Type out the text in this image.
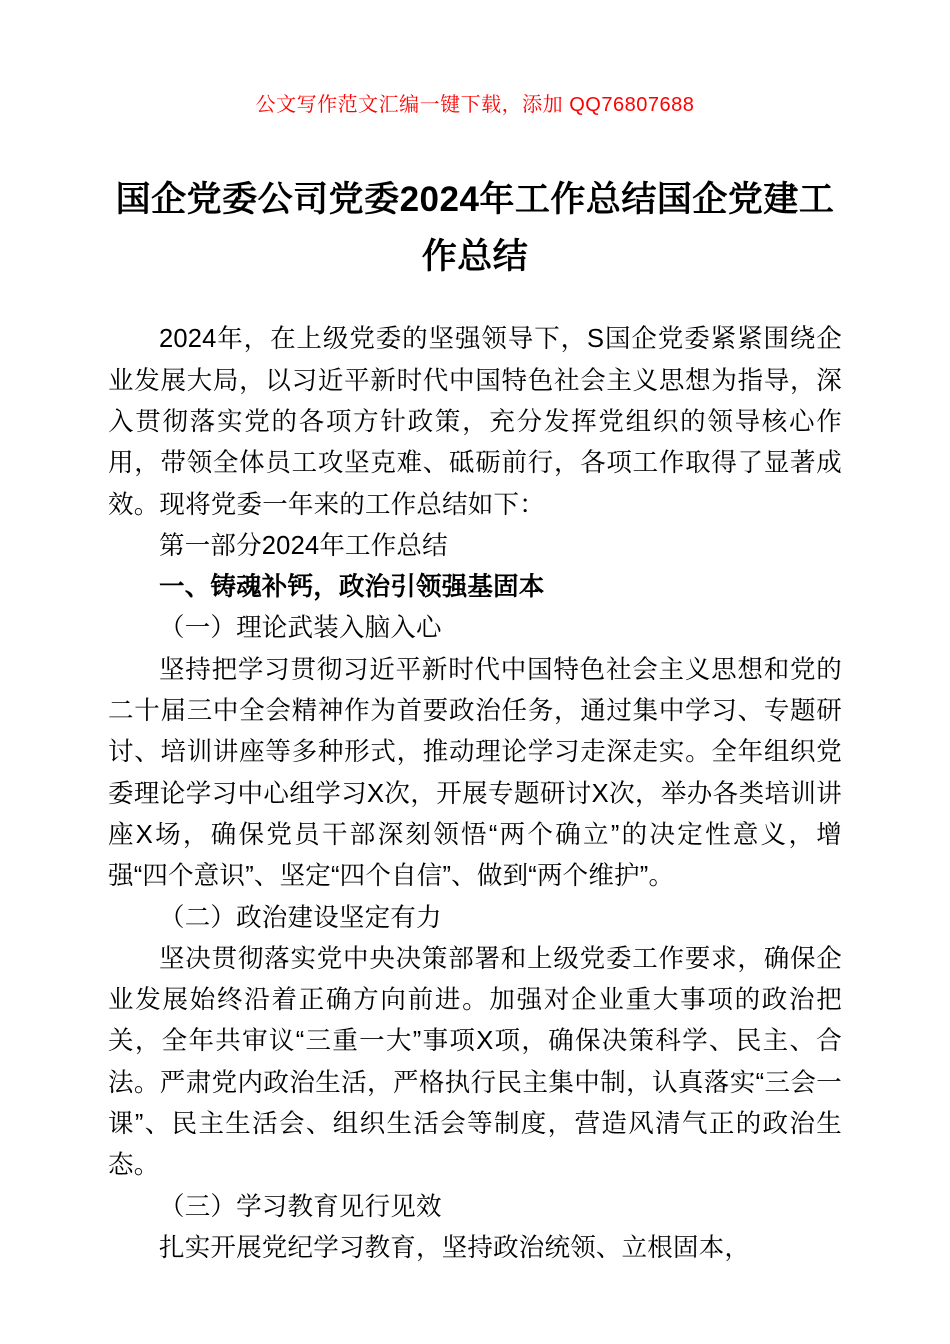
公文写作范文汇编一键下载，添加 QQ76807688
国企党委公司党委2024年工作总结国企党建工作总结

2024年，在上级党委的坚强领导下，S国企党委紧紧围绕企业发展大局，以习近平新时代中国特色社会主义思想为指导，深入贯彻落实党的各项方针政策，充分发挥党组织的领导核心作用，带领全体员工攻坚克难、砥砺前行，各项工作取得了显著成效。现将党委一年来的工作总结如下：

第一部分2024年工作总结

一、铸魂补钙，政治引领强基固本

（一）理论武装入脑入心

坚持把学习贯彻习近平新时代中国特色社会主义思想和党的二十届三中全会精神作为首要政治任务，通过集中学习、专题研讨、培训讲座等多种形式，推动理论学习走深走实。全年组织党委理论学习中心组学习X次，开展专题研讨X次，举办各类培训讲座X场，确保党员干部深刻领悟“两个确立”的决定性意义，增强“四个意识”、坚定“四个自信”、做到“两个维护”。

（二）政治建设坚定有力

坚决贯彻落实党中央决策部署和上级党委工作要求，确保企业发展始终沿着正确方向前进。加强对企业重大事项的政治把关，全年共审议“三重一大”事项X项，确保决策科学、民主、合法。严肃党内政治生活，严格执行民主集中制，认真落实“三会一课”、民主生活会、组织生活会等制度，营造风清气正的政治生态。

（三）学习教育见行见效

扎实开展党纪学习教育，坚持政治统领、立根固本，
